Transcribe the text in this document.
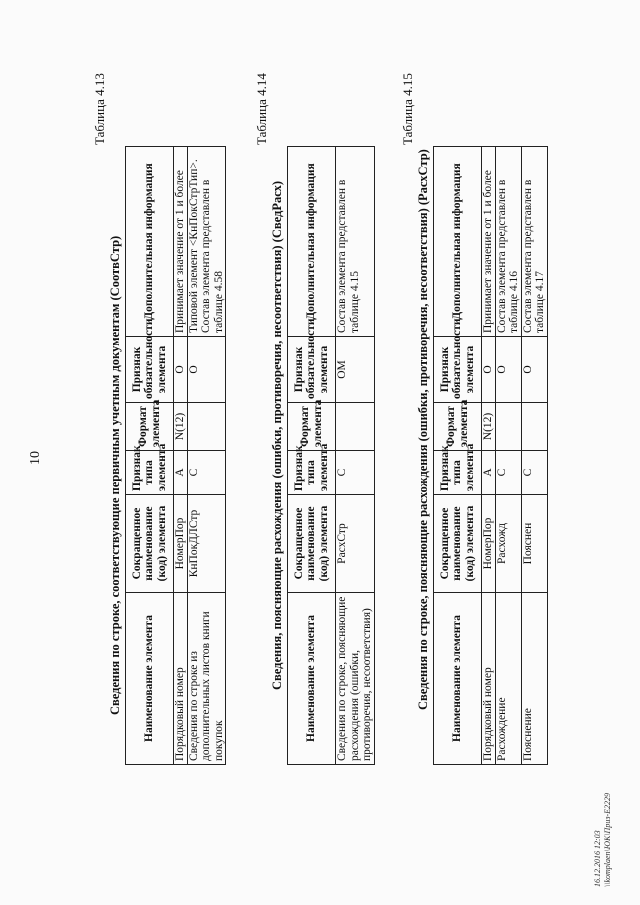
10
Таблица 4.13
Сведения по строке, соответствующие первичным учетным документам (СоотвСтр) Наименование элемента	Сокращенное наименование (код) элемента	Признак типа элемента	Формат элемента	Признак обязательности элемента	Дополнительная информация
Порядковый номер	НомерПор	А	N(12)	О	Принимает значение от 1 и более
Сведения по строке из дополнительных листов книги покупок	КнПокДЛСтр	С		О	Типовой элемент <КнПокСтрТип>. Состав элемента представлен в таблице 4.58
Таблица 4.14
Сведения, поясняющие расхождения (ошибки, противоречия, несоответствия) (СведРасх) Наименование элемента	Сокращенное наименование (код) элемента	Признак типа элемента	Формат элемента	Признак обязательности элемента	Дополнительная информация
Сведения по строке, поясняющие расхождения (ошибки, противоречия, несоответствия)	РасхСтр	С		ОМ	Состав элемента представлен в таблице 4.15
Таблица 4.15
Сведения по строке, поясняющие расхождения (ошибки, противоречия, несоответствия) (РасхСтр) Наименование элемента	Сокращенное наименование (код) элемента	Признак типа элемента	Формат элемента	Признак обязательности элемента	Дополнительная информация
Порядковый номер	НомерПор	А	N(12)	О	Принимает значение от 1 и более
Расхождение	Расхожд	С		О	Состав элемента представлен в таблице 4.16
Пояснение	Пояснен	С		О	Состав элемента представлен в таблице 4.17
16.12.2016 12:03 \\komplaen\ЮК\Приз-Е2229
